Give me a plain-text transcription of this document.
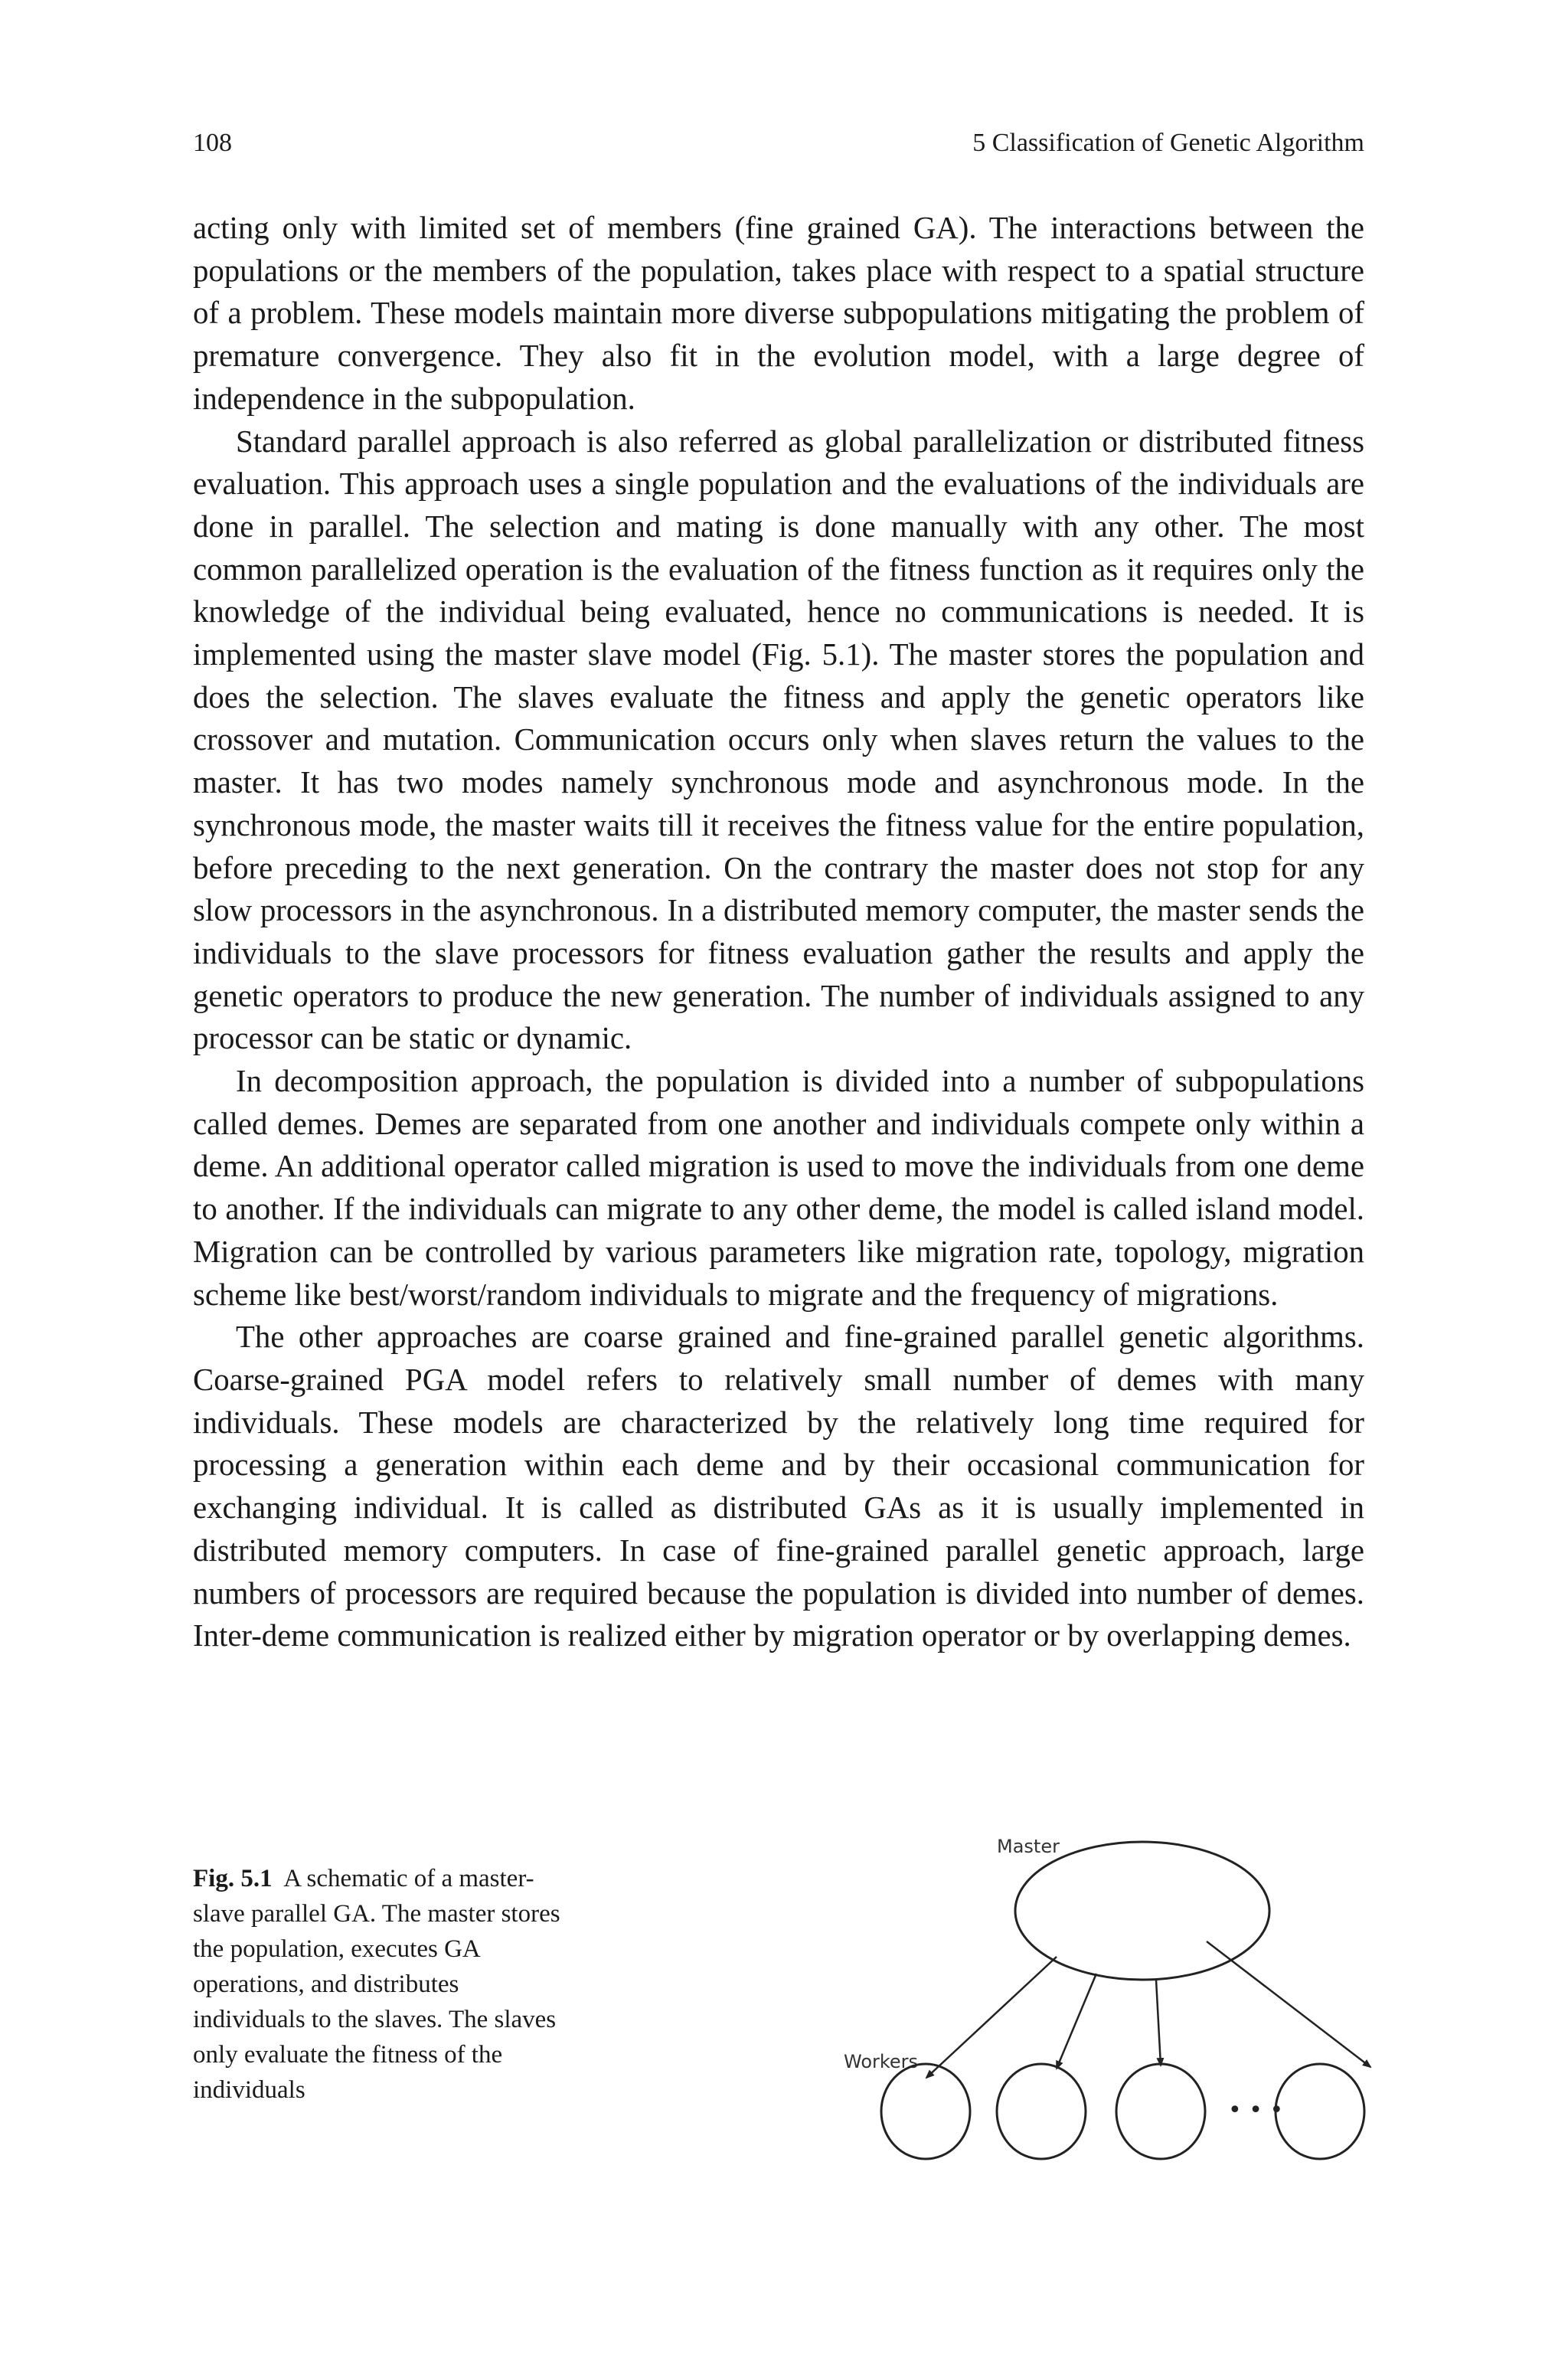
108	5 Classification of Genetic Algorithm

acting only with limited set of members (fine grained GA). The interactions between the populations or the members of the population, takes place with respect to a spatial structure of a problem. These models maintain more diverse subpopulations mitigating the problem of premature convergence. They also fit in the evolution model, with a large degree of independence in the subpopulation.

Standard parallel approach is also referred as global parallelization or distributed fitness evaluation. This approach uses a single population and the evaluations of the individuals are done in parallel. The selection and mating is done manually with any other. The most common parallelized operation is the evaluation of the fitness function as it requires only the knowledge of the individual being evaluated, hence no communications is needed. It is implemented using the master slave model (Fig. 5.1). The master stores the population and does the selection. The slaves evaluate the fitness and apply the genetic operators like crossover and mutation. Communication occurs only when slaves return the values to the master. It has two modes namely synchronous mode and asynchronous mode. In the synchronous mode, the master waits till it receives the fitness value for the entire population, before preceding to the next generation. On the contrary the master does not stop for any slow processors in the asynchronous. In a distributed memory computer, the master sends the individuals to the slave processors for fitness evaluation gather the results and apply the genetic operators to produce the new generation. The number of individuals assigned to any processor can be static or dynamic.

In decomposition approach, the population is divided into a number of subpopulations called demes. Demes are separated from one another and individuals compete only within a deme. An additional operator called migration is used to move the individuals from one deme to another. If the individuals can migrate to any other deme, the model is called island model. Migration can be controlled by various parameters like migration rate, topology, migration scheme like best/worst/random individuals to migrate and the frequency of migrations.

The other approaches are coarse grained and fine-grained parallel genetic algorithms. Coarse-grained PGA model refers to relatively small number of demes with many individuals. These models are characterized by the relatively long time required for processing a generation within each deme and by their occasional communication for exchanging individual. It is called as distributed GAs as it is usually implemented in distributed memory computers. In case of fine-grained parallel genetic approach, large numbers of processors are required because the population is divided into number of demes. Inter-deme communication is realized either by migration operator or by overlapping demes.

Fig. 5.1 A schematic of a master-slave parallel GA. The master stores the population, executes GA operations, and distributes individuals to the slaves. The slaves only evaluate the fitness of the individuals
Master
Workers
• • •
